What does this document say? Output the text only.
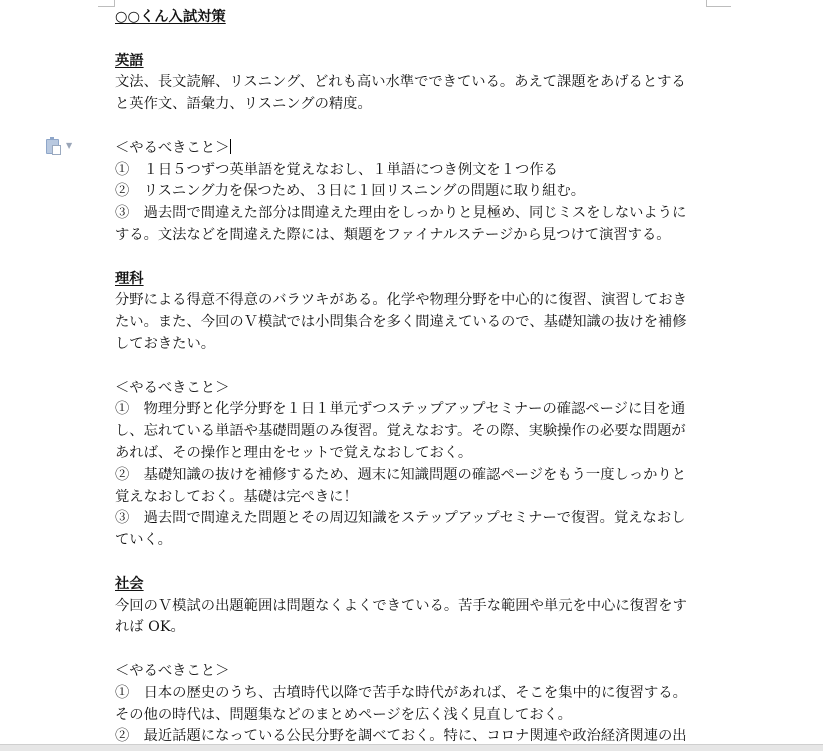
▼
○○くん入試対策
英語
文法、長文読解、リスニング、どれも高い水準でできている。あえて課題をあげるとする
と英作文、語彙力、リスニングの精度。
＜やるべきこと＞
①　１日５つずつ英単語を覚えなおし、１単語につき例文を１つ作る
②　リスニング力を保つため、３日に１回リスニングの問題に取り組む。
③　過去問で間違えた部分は間違えた理由をしっかりと見極め、同じミスをしないように
する。文法などを間違えた際には、類題をファイナルステージから見つけて演習する。
理科
分野による得意不得意のバラツキがある。化学や物理分野を中心的に復習、演習しておき
たい。また、今回のＶ模試では小問集合を多く間違えているので、基礎知識の抜けを補修
しておきたい。
＜やるべきこと＞
①　物理分野と化学分野を１日１単元ずつステップアップセミナーの確認ページに目を通
し、忘れている単語や基礎問題のみ復習。覚えなおす。その際、実験操作の必要な問題が
あれば、その操作と理由をセットで覚えなおしておく。
②　基礎知識の抜けを補修するため、週末に知識問題の確認ページをもう一度しっかりと
覚えなおしておく。基礎は完ぺきに！
③　過去問で間違えた問題とその周辺知識をステップアップセミナーで復習。覚えなおし
ていく。
社会
今回のＶ模試の出題範囲は問題なくよくできている。苦手な範囲や単元を中心に復習をす
れば OK。
＜やるべきこと＞
①　日本の歴史のうち、古墳時代以降で苦手な時代があれば、そこを集中的に復習する。
その他の時代は、問題集などのまとめページを広く浅く見直しておく。
②　最近話題になっている公民分野を調べておく。特に、コロナ関連や政治経済関連の出
